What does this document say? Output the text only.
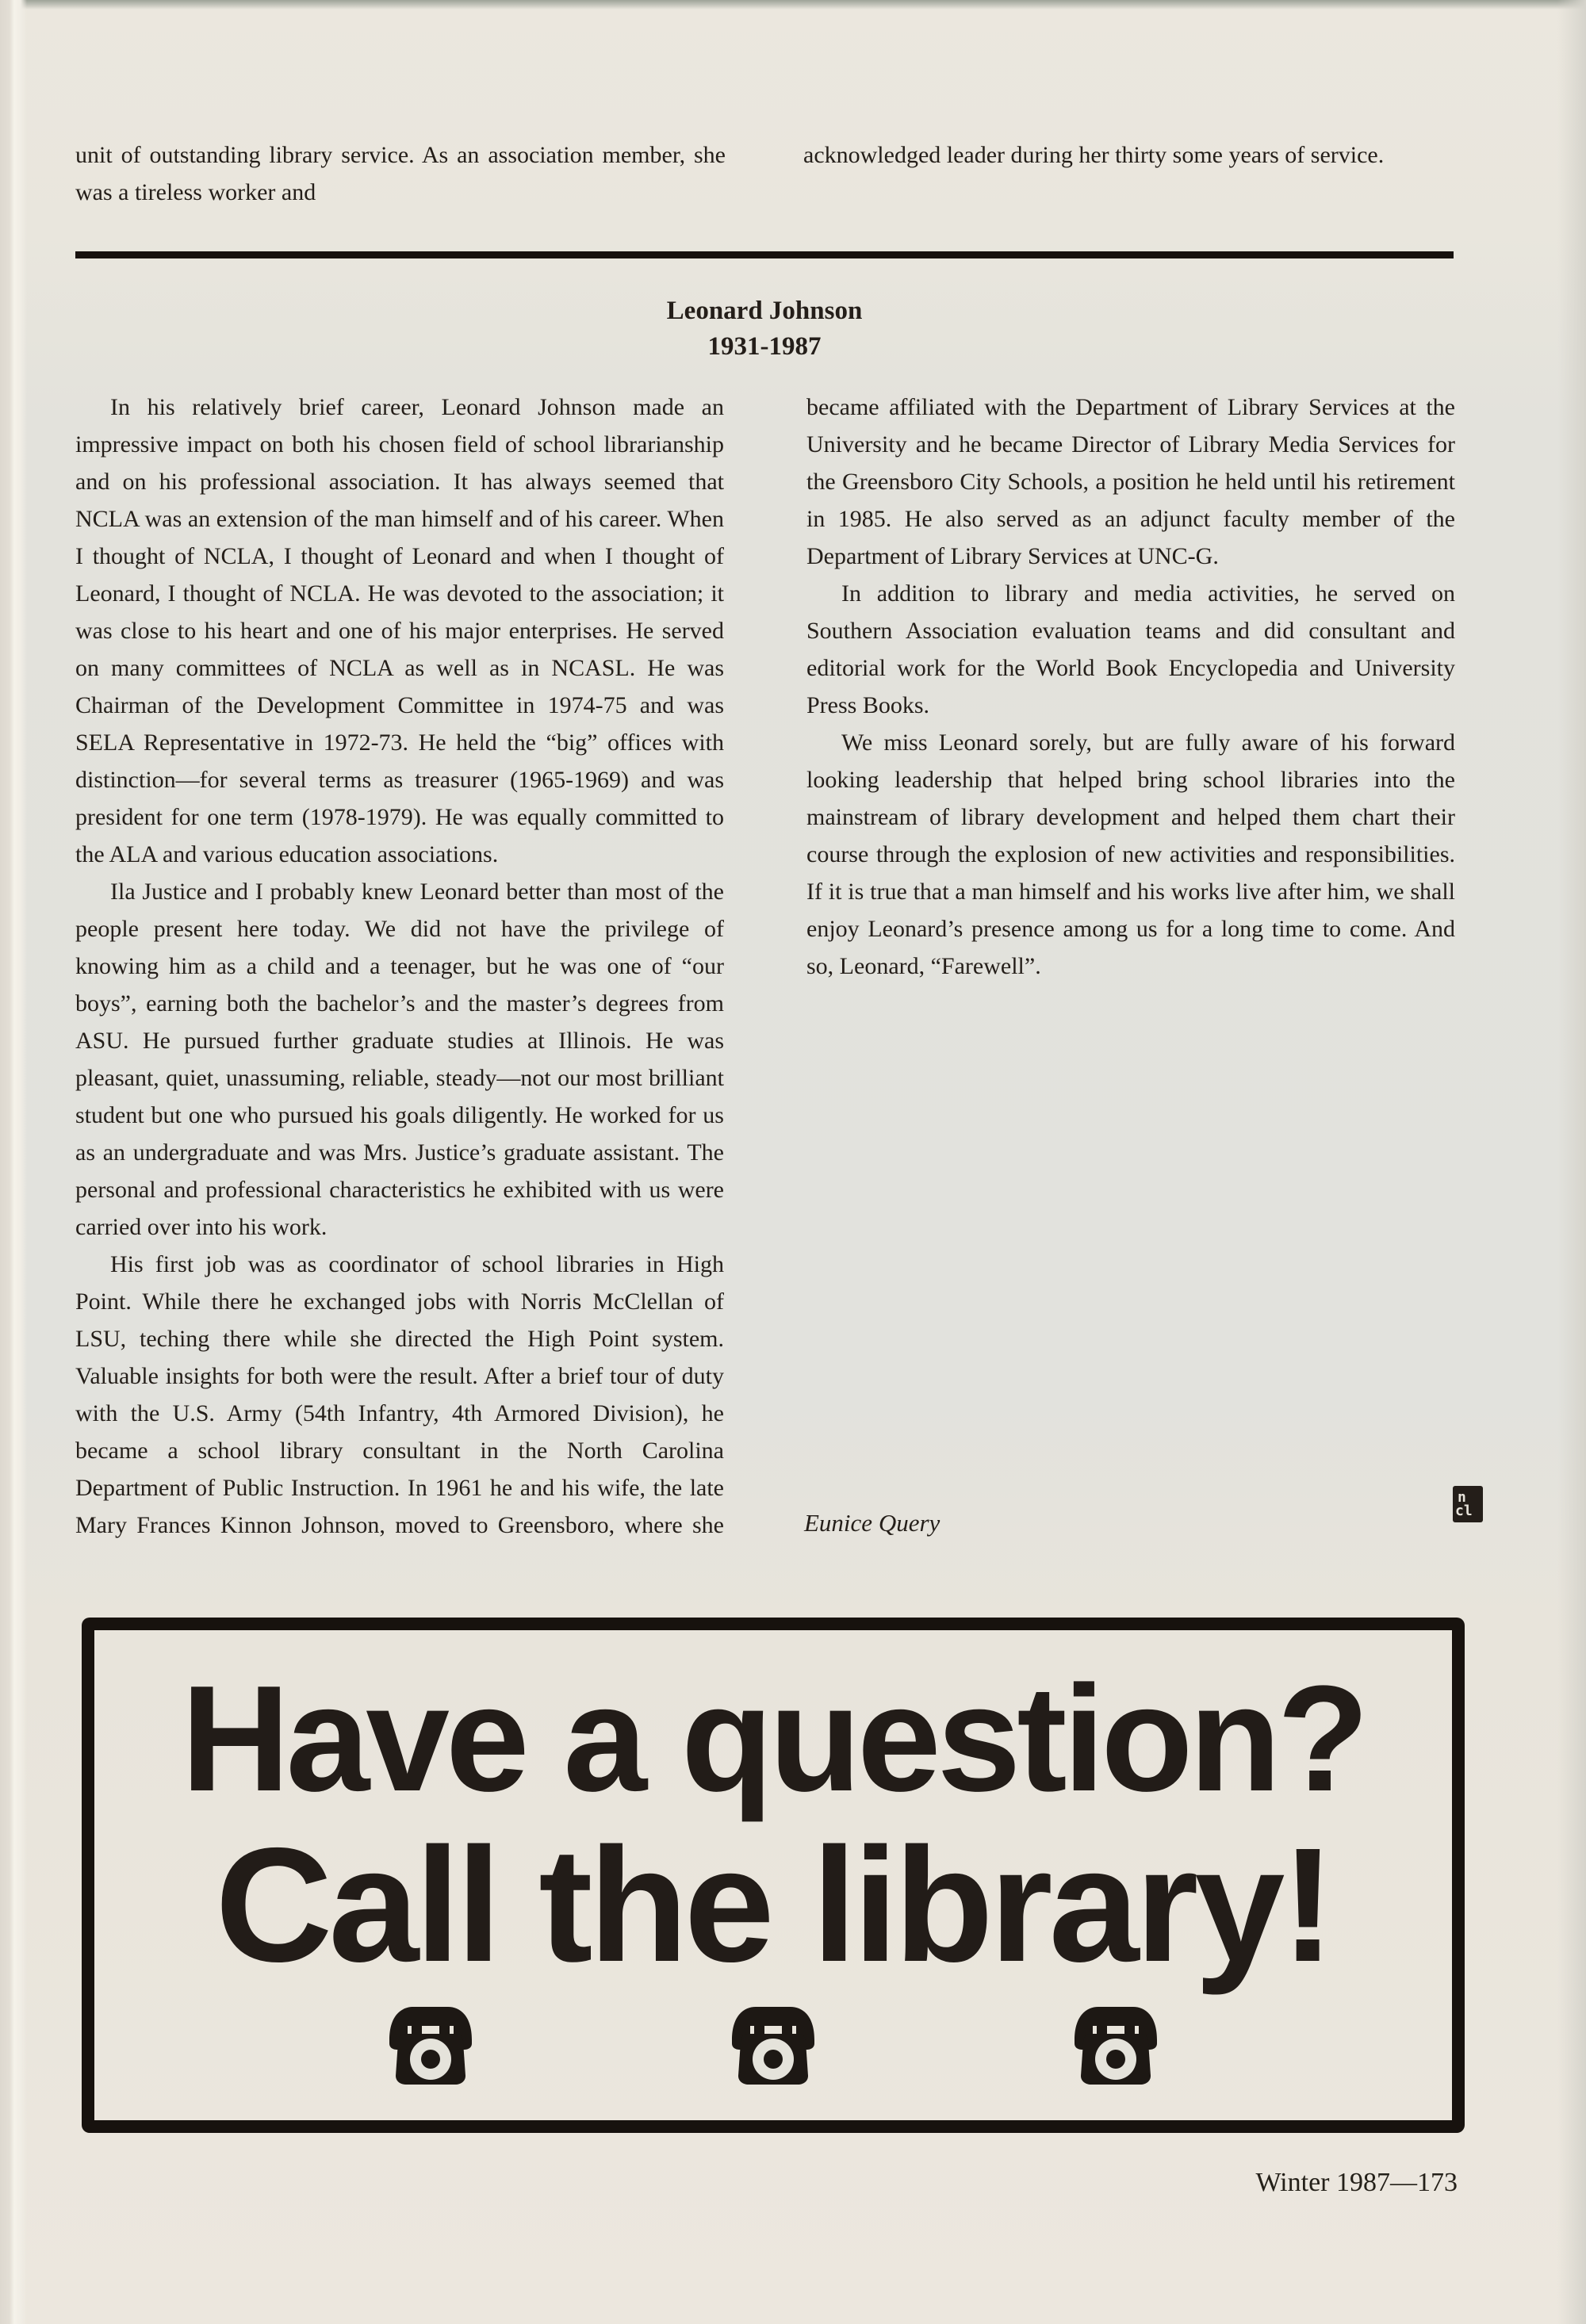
unit of outstanding library service. As an association member, she was a tireless worker and

acknowledged leader during her thirty some years of service.

Leonard Johnson
1931-1987

In his relatively brief career, Leonard Johnson made an impressive impact on both his chosen field of school librarianship and on his professional association. It has always seemed that NCLA was an extension of the man himself and of his career. When I thought of NCLA, I thought of Leonard and when I thought of Leonard, I thought of NCLA. He was devoted to the association; it was close to his heart and one of his major enterprises. He served on many committees of NCLA as well as in NCASL. He was Chairman of the Development Committee in 1974-75 and was SELA Representative in 1972-73. He held the “big” offices with distinction—for several terms as treasurer (1965-1969) and was president for one term (1978-1979). He was equally committed to the ALA and various education associations.

Ila Justice and I probably knew Leonard better than most of the people present here today. We did not have the privilege of knowing him as a child and a teenager, but he was one of “our boys”, earning both the bachelor’s and the master’s degrees from ASU. He pursued further graduate studies at Illinois. He was pleasant, quiet, unassuming, reliable, steady—not our most brilliant student but one who pursued his goals diligently. He worked for us as an undergraduate and was Mrs. Justice’s graduate assistant. The personal and professional characteristics he exhibited with us were carried over into his work.

His first job was as coordinator of school libraries in High Point. While there he exchanged jobs with Norris McClellan of LSU, teching there while she directed the High Point system. Valuable insights for both were the result. After a brief tour of duty with the U.S. Army (54th Infantry, 4th Armored Division), he became a school library consultant in the North Carolina Department of Public Instruction. In 1961 he and his wife, the late Mary Frances Kinnon Johnson, moved to Greensboro, where she became affiliated with the Department of Library Services at the University and he became Director of Library Media Services for the Greensboro City Schools, a position he held until his retirement in 1985. He also served as an adjunct faculty member of the Department of Library Services at UNC-G.

In addition to library and media activities, he served on Southern Association evaluation teams and did consultant and editorial work for the World Book Encyclopedia and University Press Books.

We miss Leonard sorely, but are fully aware of his forward looking leadership that helped bring school libraries into the mainstream of library development and helped them chart their course through the explosion of new activities and responsibilities. If it is true that a man himself and his works live after him, we shall enjoy Leonard’s presence among us for a long time to come. And so, Leonard, “Farewell”.

Eunice Query
n
cl
Have a question?
Call the library!
Winter 1987—173
